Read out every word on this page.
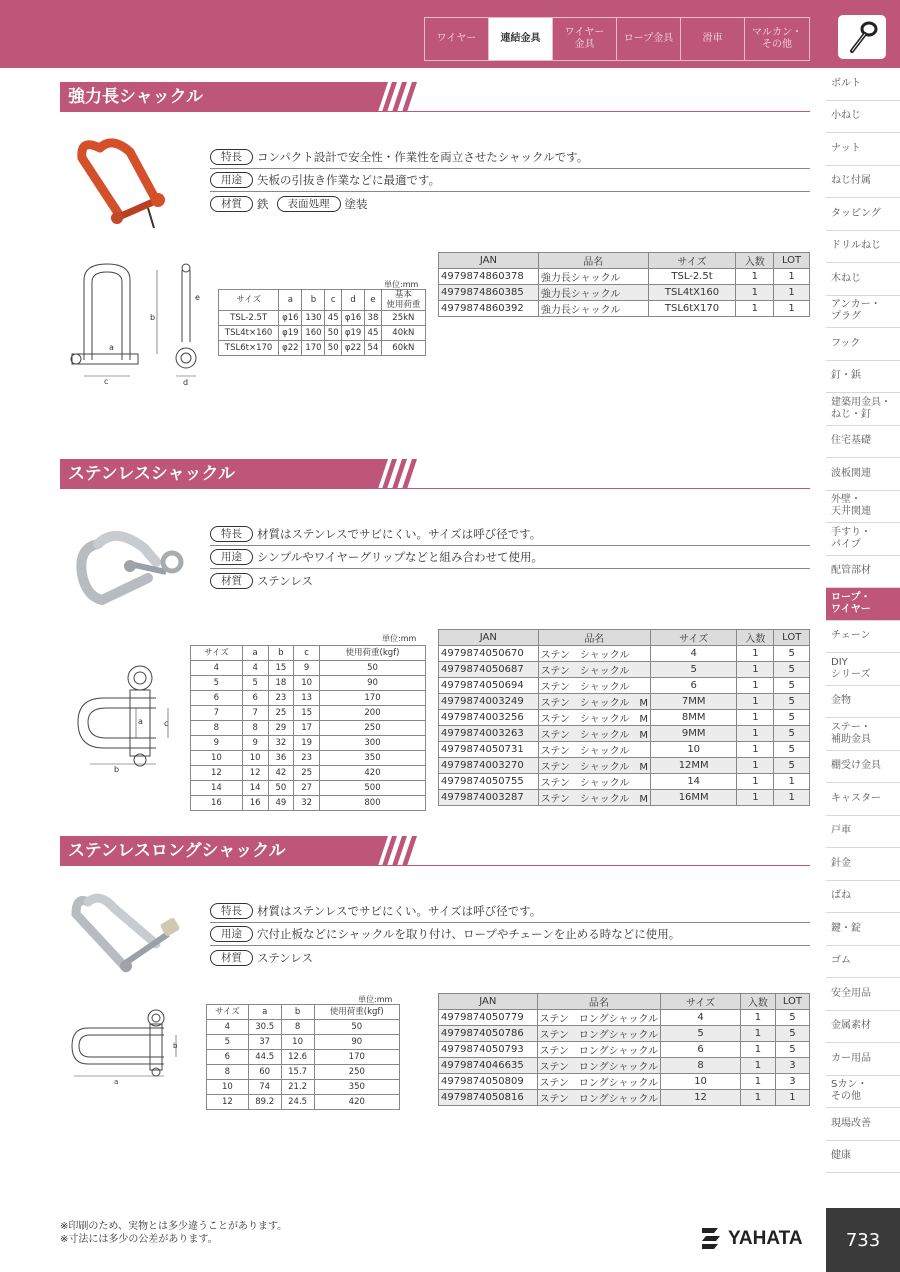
ワイヤー	連結金具
ワイヤー
金具
ロープ金具	滑車
マルカン・
その他
ボルト
小ねじ
ナット
ねじ付属
タッピング
ドリルねじ
木ねじ
アンカー・
プラグ
フック
釘・鋲
建築用金具・
ねじ・釘
住宅基礎
波板関連
外壁・
天井関連
手すり・
パイプ
配管部材
ロープ・
ワイヤー
チェーン
DIY
シリーズ
金物
ステー・
補助金具
棚受け金具
キャスター
戸車
針金
ばね
鍵・錠
ゴム
安全用品
金属素材
カー用品
Sカン・
その他
現場改善
健康
強力長シャックル
特長	コンパクト設計で安全性・作業性を両立させたシャックルです。
用途	矢板の引抜き作業などに最適です。
材質	鉄	表面処理	塗装
c
b
a
e
d
単位:mm
サイズ	a	b	c	d	e	基本
使用荷重
TSL-2.5T	φ16	130	45	φ16	38	25kN
TSL4t×160	φ19	160	50	φ19	45	40kN
TSL6t×170	φ22	170	50	φ22	54	60kN
JAN	品名	サイズ	入数	LOT
4979874860378	強力長シャックル	TSL-2.5t	1	1
4979874860385	強力長シャックル	TSL4tX160	1	1
4979874860392	強力長シャックル	TSL6tX170	1	1
ステンレスシャックル
特長	材質はステンレスでサビにくい。サイズは呼び径です。
用途	シンプルやワイヤーグリップなどと組み合わせて使用。
材質	ステンレス
a	c
b
単位:mm
サイズ	a	b	c	使用荷重(kgf)
4	4	15	9	50
5	5	18	10	90
6	6	23	13	170
7	7	25	15	200
8	8	29	17	250
9	9	32	19	300
10	10	36	23	350
12	12	42	25	420
14	14	50	27	500
16	16	49	32	800
JAN	品名	サイズ	入数	LOT
4979874050670	ステン　シャックル	4	1	5
4979874050687	ステン　シャックル	5	1	5
4979874050694	ステン　シャックル	6	1	5
4979874003249	ステン　シャックル　M	7MM	1	5
4979874003256	ステン　シャックル　M	8MM	1	5
4979874003263	ステン　シャックル　M	9MM	1	5
4979874050731	ステン　シャックル	10	1	5
4979874003270	ステン　シャックル　M	12MM	1	5
4979874050755	ステン　シャックル	14	1	1
4979874003287	ステン　シャックル　M	16MM	1	1
ステンレスロングシャックル
特長	材質はステンレスでサビにくい。サイズは呼び径です。
用途	穴付止板などにシャックルを取り付け、ロープやチェーンを止める時などに使用。
材質	ステンレス
b
a
単位:mm
サイズ	a	b	使用荷重(kgf)
4	30.5	8	50
5	37	10	90
6	44.5	12.6	170
8	60	15.7	250
10	74	21.2	350
12	89.2	24.5	420
JAN	品名	サイズ	入数	LOT
4979874050779	ステン　ロングシャックル	4	1	5
4979874050786	ステン　ロングシャックル	5	1	5
4979874050793	ステン　ロングシャックル	6	1	5
4979874046635	ステン　ロングシャックル	8	1	3
4979874050809	ステン　ロングシャックル	10	1	3
4979874050816	ステン　ロングシャックル	12	1	1
※印刷のため、実物とは多少違うことがあります。
※寸法には多少の公差があります。	YAHATA	733
